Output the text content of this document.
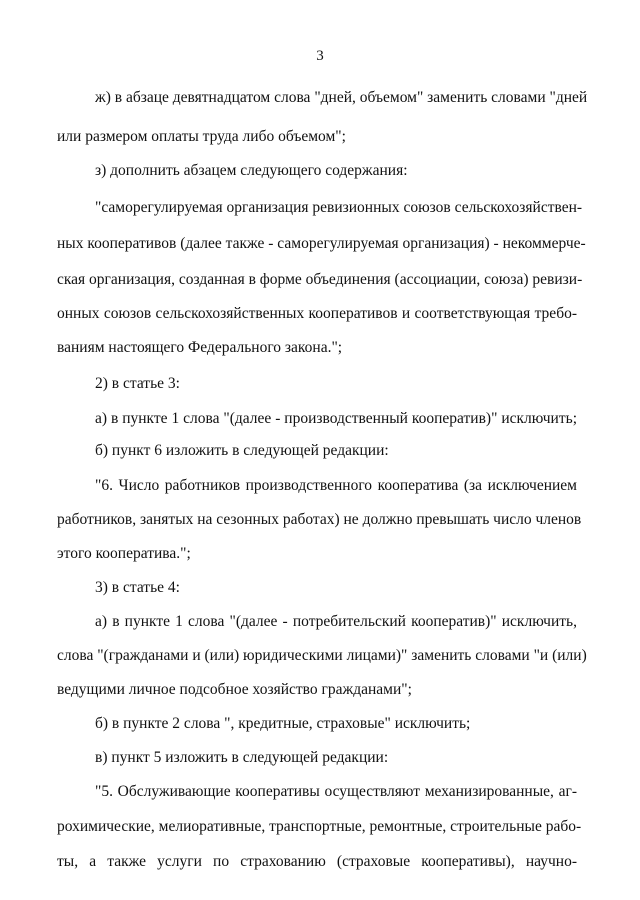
3
ж) в абзаце девятнадцатом слова "дней, объемом" заменить словами "дней
или размером оплаты труда либо объемом";
з) дополнить абзацем следующего содержания:
"саморегулируемая организация ревизионных союзов сельскохозяйствен-
ных кооперативов (далее также - саморегулируемая организация) - некоммерче-
ская организация, созданная в форме объединения (ассоциации, союза) ревизи-
онных союзов сельскохозяйственных кооперативов и соответствующая требо-
ваниям настоящего Федерального закона.";
2) в статье 3:
а) в пункте 1 слова "(далее - производственный кооператив)" исключить;
б) пункт 6 изложить в следующей редакции:
"6. Число работников производственного кооператива (за исключением
работников, занятых на сезонных работах) не должно превышать число членов
этого кооператива.";
3) в статье 4:
а) в пункте 1 слова "(далее - потребительский кооператив)" исключить,
слова "(гражданами и (или) юридическими лицами)" заменить словами "и (или)
ведущими личное подсобное хозяйство гражданами";
б) в пункте 2 слова ", кредитные, страховые" исключить;
в) пункт 5 изложить в следующей редакции:
"5. Обслуживающие кооперативы осуществляют механизированные, аг-
рохимические, мелиоративные, транспортные, ремонтные, строительные рабо-
ты, а также услуги по страхованию (страховые кооперативы), научно-
